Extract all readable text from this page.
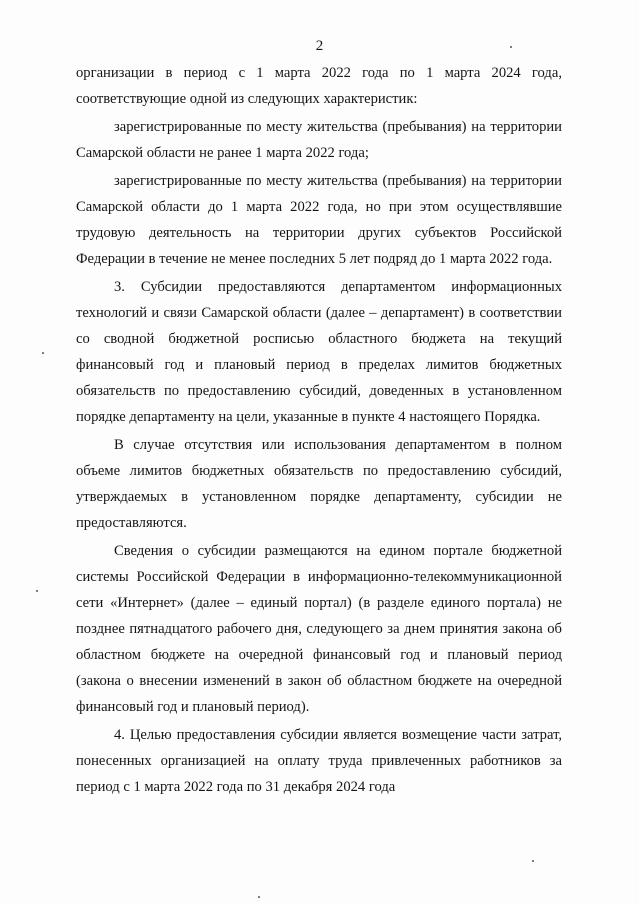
2

организации в период с 1 марта 2022 года по 1 марта 2024 года, соответствующие одной из следующих характеристик:

зарегистрированные по месту жительства (пребывания) на территории Самарской области не ранее 1 марта 2022 года;

зарегистрированные по месту жительства (пребывания) на территории Самарской области до 1 марта 2022 года, но при этом осуществлявшие трудовую деятельность на территории других субъектов Российской Федерации в течение не менее последних 5 лет подряд до 1 марта 2022 года.

3. Субсидии предоставляются департаментом информационных технологий и связи Самарской области (далее – департамент) в соответствии со сводной бюджетной росписью областного бюджета на текущий финансовый год и плановый период в пределах лимитов бюджетных обязательств по предоставлению субсидий, доведенных в установленном порядке департаменту на цели, указанные в пункте 4 настоящего Порядка.

В случае отсутствия или использования департаментом в полном объеме лимитов бюджетных обязательств по предоставлению субсидий, утверждаемых в установленном порядке департаменту, субсидии не предоставляются.

Сведения о субсидии размещаются на едином портале бюджетной системы Российской Федерации в информационно-телекоммуникационной сети «Интернет» (далее – единый портал) (в разделе единого портала) не позднее пятнадцатого рабочего дня, следующего за днем принятия закона об областном бюджете на очередной финансовый год и плановый период (закона о внесении изменений в закон об областном бюджете на очередной финансовый год и плановый период).

4. Целью предоставления субсидии является возмещение части затрат, понесенных организацией на оплату труда привлеченных работников за период с 1 марта 2022 года по 31 декабря 2024 года
